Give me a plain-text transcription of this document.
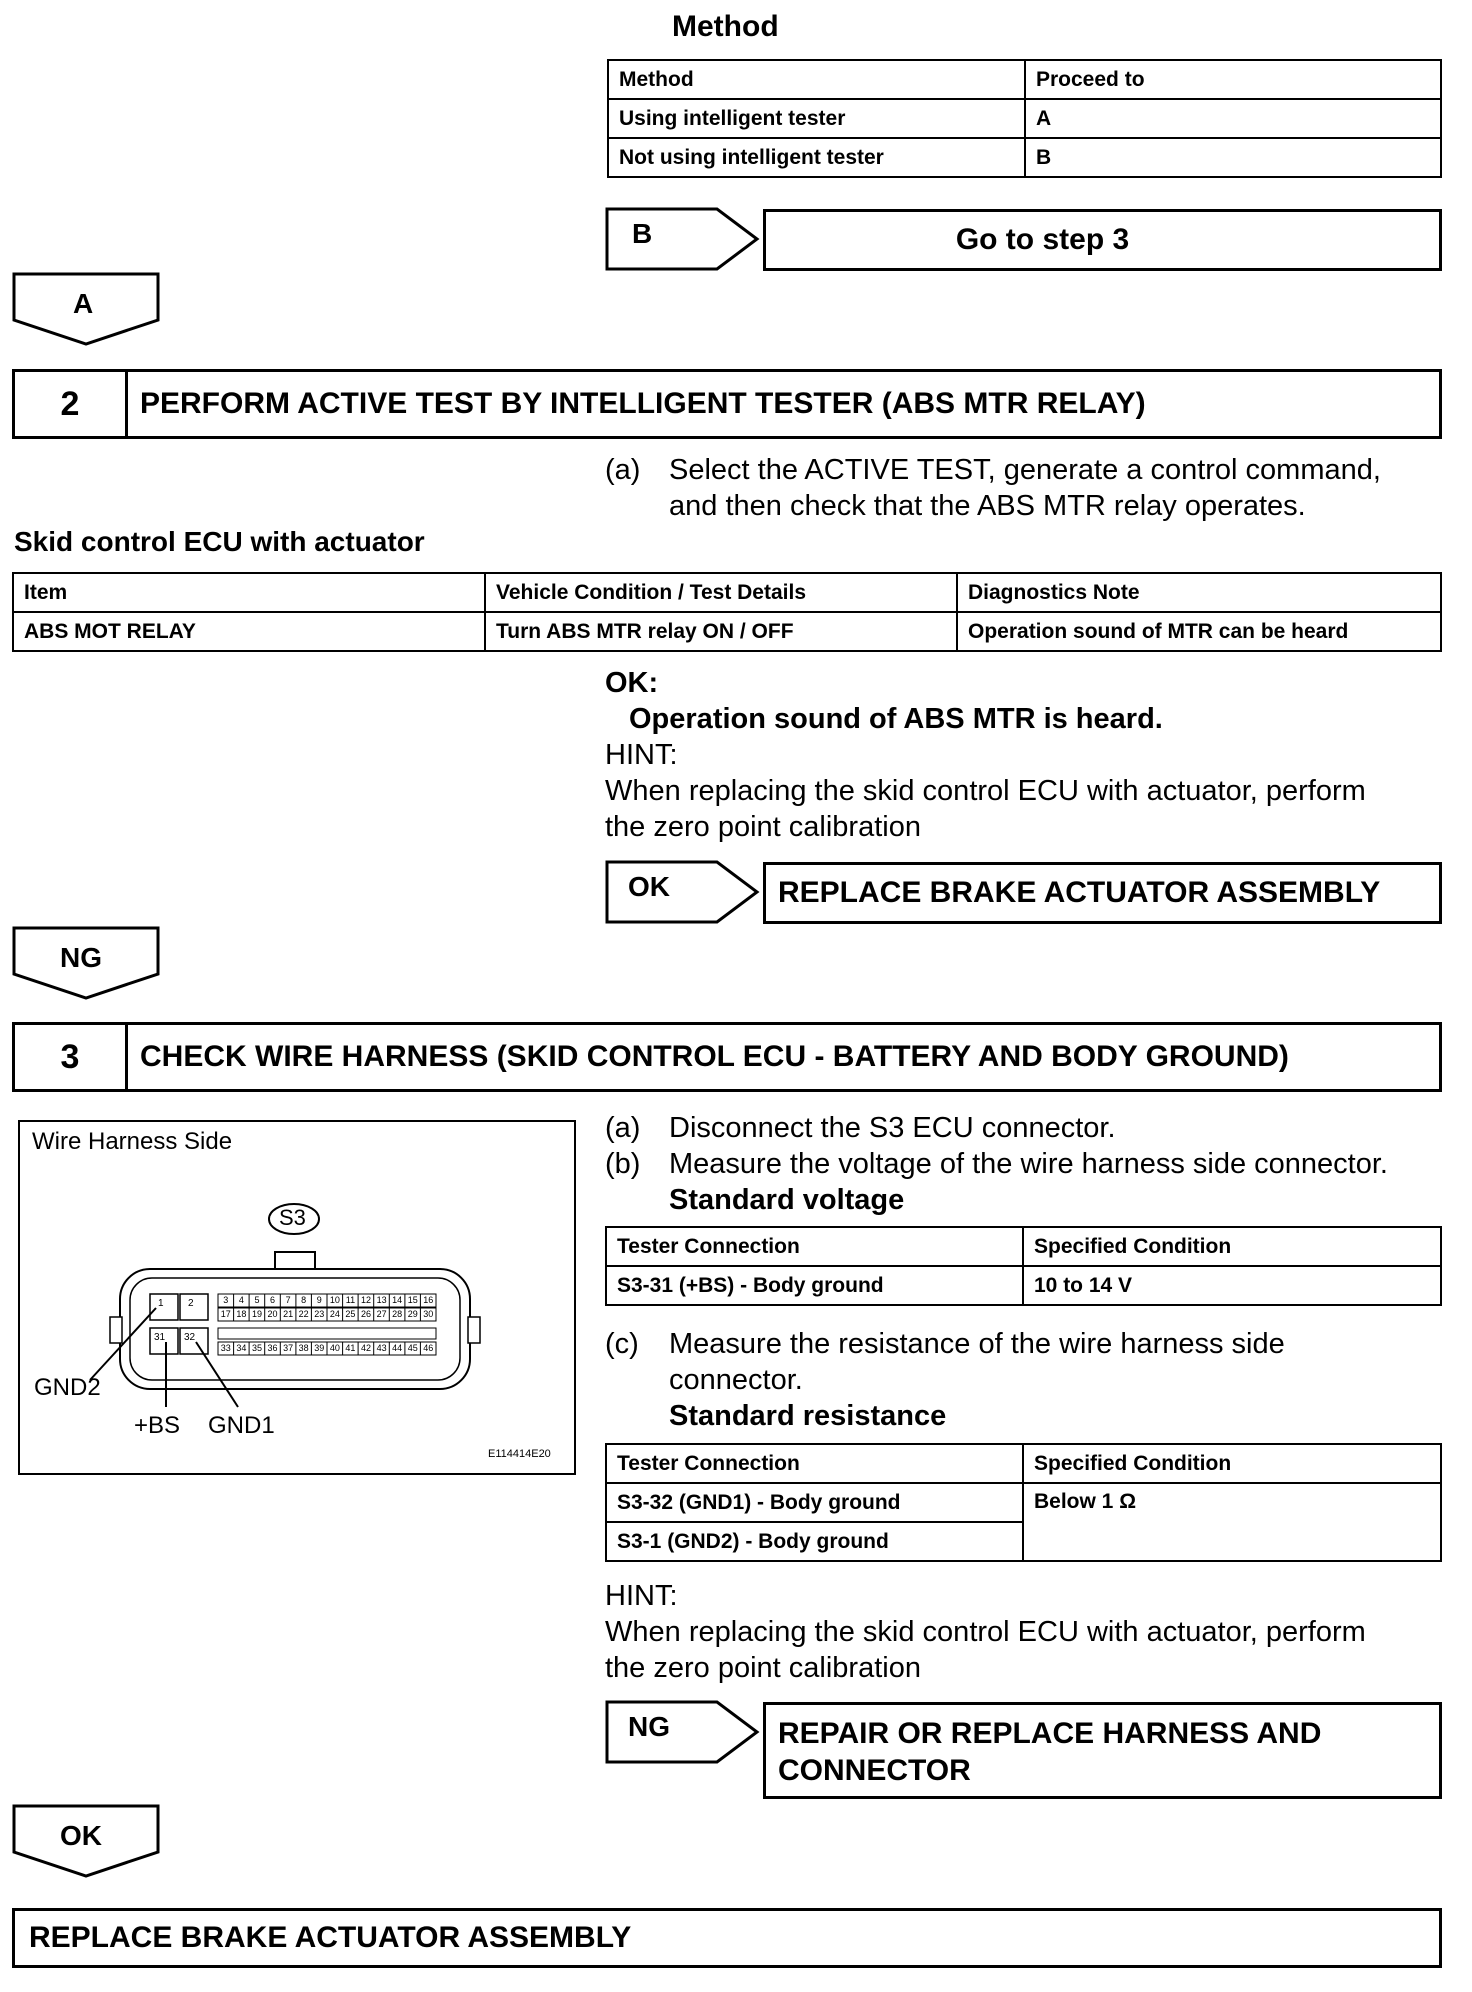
Method
Method	Proceed to
Using intelligent tester	A
Not using intelligent tester	B
B	Go to step 3
A
2	PERFORM ACTIVE TEST BY INTELLIGENT TESTER (ABS MTR RELAY)
(a) Select the ACTIVE TEST, generate a control command,
and then check that the ABS MTR relay operates.
Skid control ECU with actuator
Item	Vehicle Condition / Test Details	Diagnostics Note
ABS MOT RELAY	Turn ABS MTR relay ON / OFF	Operation sound of MTR can be heard
OK:
Operation sound of ABS MTR is heard.
HINT:
When replacing the skid control ECU with actuator, perform
the zero point calibration
OK	REPLACE BRAKE ACTUATOR ASSEMBLY
NG
3	CHECK WIRE HARNESS (SKID CONTROL ECU - BATTERY AND BODY GROUND)
Wire Harness Side
S3
1 2
31 32
3	4	5	6	7	8	9 10 11 12 13 14 15 16
17 18 19 20 21 22 23 24 25 26 27 28 29 30
33 34 35 36 37 38 39 40 41 42 43 44 45 46
GND2
+BS GND1
E114414E20
(a) Disconnect the S3 ECU connector.
(b) Measure the voltage of the wire harness side connector.
Standard voltage
Tester Connection	Specified Condition
S3-31 (+BS) - Body ground	10 to 14 V
(c) Measure the resistance of the wire harness side
connector.
Standard resistance
Tester Connection	Specified Condition
S3-32 (GND1) - Body ground	Below 1 Ω
S3-1 (GND2) - Body ground	
HINT:
When replacing the skid control ECU with actuator, perform
the zero point calibration
NG	REPAIR OR REPLACE HARNESS AND
CONNECTOR
OK
REPLACE BRAKE ACTUATOR ASSEMBLY
